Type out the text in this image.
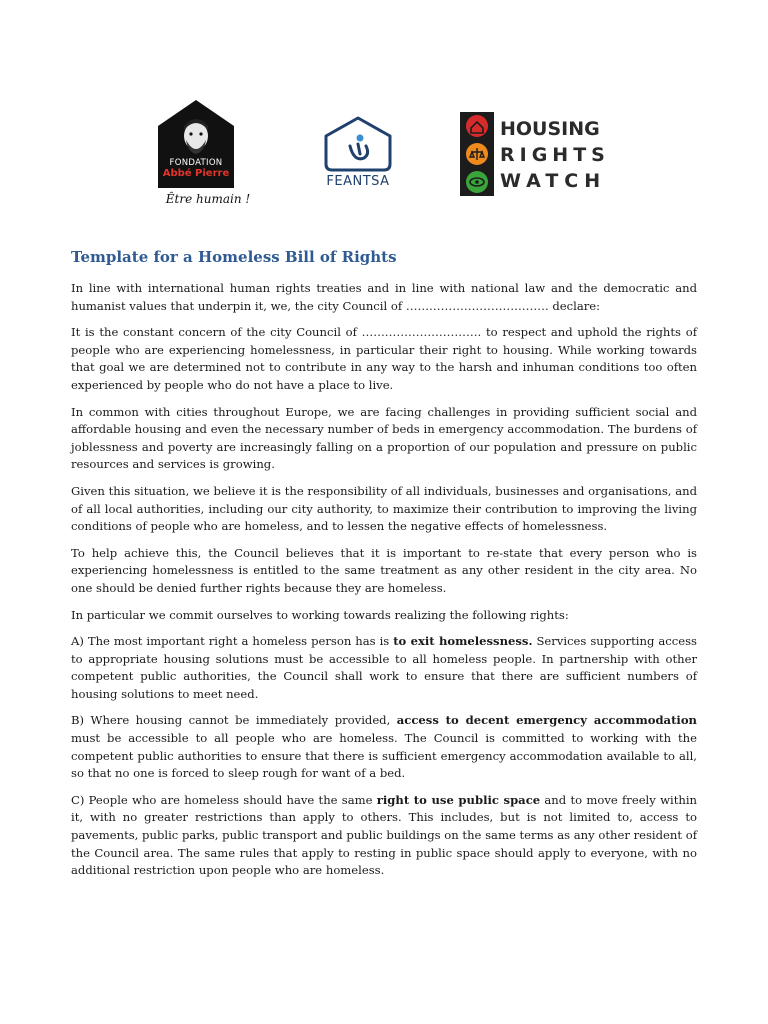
FONDATION
Abbé Pierre
Être humain !
FEANTSA
HOUSING
RIGHTS
WATCH
Template for a Homeless Bill of Rights

In line with international human rights treaties and in line with national law and the democratic and humanist values that underpin it, we, the city Council of ………………………………. declare:

It is the constant concern of the city Council of …………………………. to respect and uphold the rights of people who are experiencing homelessness, in particular their right to housing. While working towards that goal we are determined not to contribute in any way to the harsh and inhuman conditions too often experienced by people who do not have a place to live.

In common with cities throughout Europe, we are facing challenges in providing sufficient social and affordable housing and even the necessary number of beds in emergency accommodation. The burdens of joblessness and poverty are increasingly falling on a proportion of our population and pressure on public resources and services is growing.

Given this situation, we believe it is the responsibility of all individuals, businesses and organisations, and of all local authorities, including our city authority, to maximize their contribution to improving the living conditions of people who are homeless, and to lessen the negative effects of homelessness.

To help achieve this, the Council believes that it is important to re-state that every person who is experiencing homelessness is entitled to the same treatment as any other resident in the city area. No one should be denied further rights because they are homeless.

In particular we commit ourselves to working towards realizing the following rights:

A) The most important right a homeless person has is to exit homelessness. Services supporting access to appropriate housing solutions must be accessible to all homeless people. In partnership with other competent public authorities, the Council shall work to ensure that there are sufficient numbers of housing solutions to meet need.

B) Where housing cannot be immediately provided, access to decent emergency accommodation must be accessible to all people who are homeless. The Council is committed to working with the competent public authorities to ensure that there is sufficient emergency accommodation available to all, so that no one is forced to sleep rough for want of a bed.

C) People who are homeless should have the same right to use public space and to move freely within it, with no greater restrictions than apply to others. This includes, but is not limited to, access to pavements, public parks, public transport and public buildings on the same terms as any other resident of the Council area. The same rules that apply to resting in public space should apply to everyone, with no additional restriction upon people who are homeless.
